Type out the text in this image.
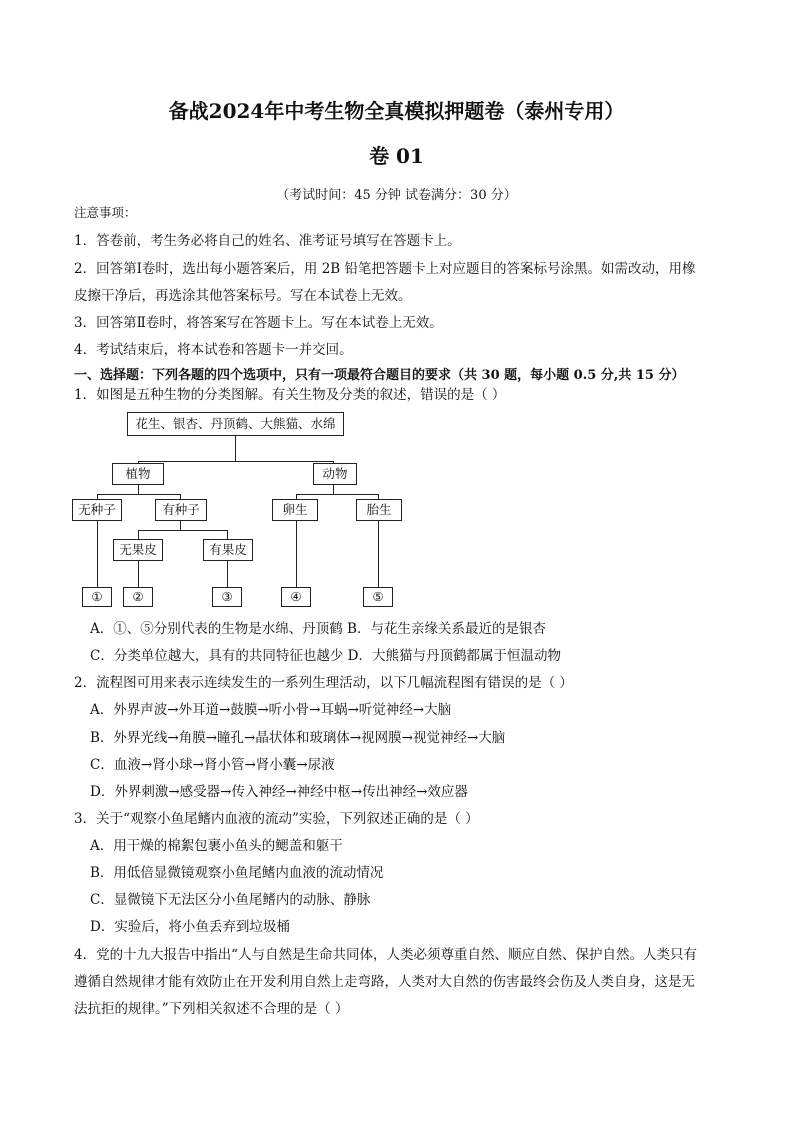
备战2024年中考生物全真模拟押题卷（泰州专用）
卷 01
（考试时间：45 分钟 试卷满分：30 分）
注意事项：
1．答卷前，考生务必将自己的姓名、准考证号填写在答题卡上。
2．回答第Ⅰ卷时，选出每小题答案后，用 2B 铅笔把答题卡上对应题目的答案标号涂黑。如需改动，用橡
皮擦干净后，再选涂其他答案标号。写在本试卷上无效。
3．回答第Ⅱ卷时，将答案写在答题卡上。写在本试卷上无效。
4．考试结束后，将本试卷和答题卡一并交回。
一、选择题：下列各题的四个选项中，只有一项最符合题目的要求（共 30 题，每小题 0.5 分,共 15 分）
1．如图是五种生物的分类图解。有关生物及分类的叙述，错误的是（ ）
花生、银杏、丹顶鹤、大熊猫、水绵
植物	动物
无种子	有种子	卵生	胎生
无果皮	有果皮
①	②	③	④	⑤
A．①、⑤分别代表的生物是水绵、丹顶鹤 B．与花生亲缘关系最近的是银杏
C．分类单位越大，具有的共同特征也越少 D．大熊猫与丹顶鹤都属于恒温动物
2．流程图可用来表示连续发生的一系列生理活动，以下几幅流程图有错误的是（ ）
A．外界声波→外耳道→鼓膜→听小骨→耳蜗→听觉神经→大脑
B．外界光线→角膜→瞳孔→晶状体和玻璃体→视网膜→视觉神经→大脑
C．血液→肾小球→肾小管→肾小囊→尿液
D．外界刺激→感受器→传入神经→神经中枢→传出神经→效应器
3．关于“观察小鱼尾鳍内血液的流动”实验，下列叙述正确的是（ ）
A．用干燥的棉絮包裹小鱼头的鳃盖和躯干
B．用低倍显微镜观察小鱼尾鳍内血液的流动情况
C．显微镜下无法区分小鱼尾鳍内的动脉、静脉
D．实验后，将小鱼丢弃到垃圾桶
4．党的十九大报告中指出“人与自然是生命共同体，人类必须尊重自然、顺应自然、保护自然。人类只有
遵循自然规律才能有效防止在开发利用自然上走弯路，人类对大自然的伤害最终会伤及人类自身，这是无
法抗拒的规律。”下列相关叙述不合理的是（ ）
